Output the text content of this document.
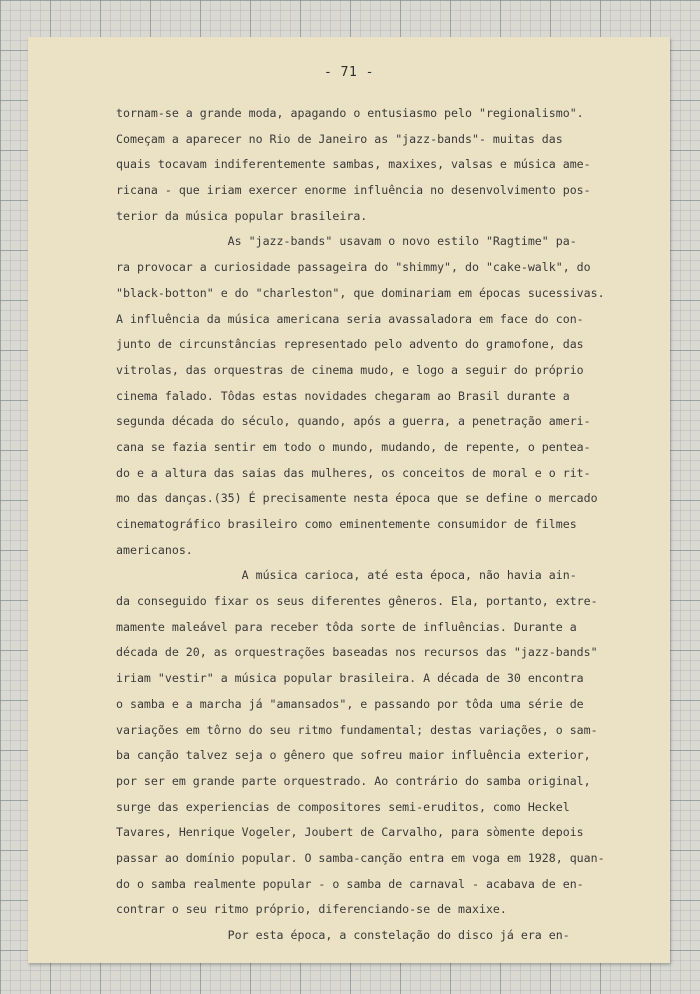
- 71 -
tornam-se a grande moda, apagando o entusiasmo pelo "regionalismo".
Começam a aparecer no Rio de Janeiro as "jazz-bands"- muitas das
quais tocavam indiferentemente sambas, maxixes, valsas e música ame-
ricana - que iriam exercer enorme influência no desenvolvimento pos-
terior da música popular brasileira.
As "jazz-bands" usavam o novo estilo "Ragtime" pa-
ra provocar a curiosidade passageira do "shimmy", do "cake-walk", do
"black-botton" e do "charleston", que dominariam em épocas sucessivas.
A influência da música americana seria avassaladora em face do con-
junto de circunstâncias representado pelo advento do gramofone, das
vitrolas, das orquestras de cinema mudo, e logo a seguir do próprio
cinema falado. Tôdas estas novidades chegaram ao Brasil durante a
segunda década do século, quando, após a guerra, a penetração ameri-
cana se fazia sentir em todo o mundo, mudando, de repente, o pentea-
do e a altura das saias das mulheres, os conceitos de moral e o rit-
mo das danças.(35) É precisamente nesta época que se define o mercado
cinematográfico brasileiro como eminentemente consumidor de filmes
americanos.
A música carioca, até esta época, não havia ain-
da conseguido fixar os seus diferentes gêneros. Ela, portanto, extre-
mamente maleável para receber tôda sorte de influências. Durante a
década de 20, as orquestrações baseadas nos recursos das "jazz-bands"
iriam "vestir" a música popular brasileira. A década de 30 encontra
o samba e a marcha já "amansados", e passando por tôda uma série de
variações em tôrno do seu ritmo fundamental; destas variações, o sam-
ba canção talvez seja o gênero que sofreu maior influência exterior,
por ser em grande parte orquestrado. Ao contrário do samba original,
surge das experiencias de compositores semi-eruditos, como Heckel
Tavares, Henrique Vogeler, Joubert de Carvalho, para sòmente depois
passar ao domínio popular. O samba-canção entra em voga em 1928, quan-
do o samba realmente popular - o samba de carnaval - acabava de en-
contrar o seu ritmo próprio, diferenciando-se de maxixe.
Por esta época, a constelação do disco já era en-
